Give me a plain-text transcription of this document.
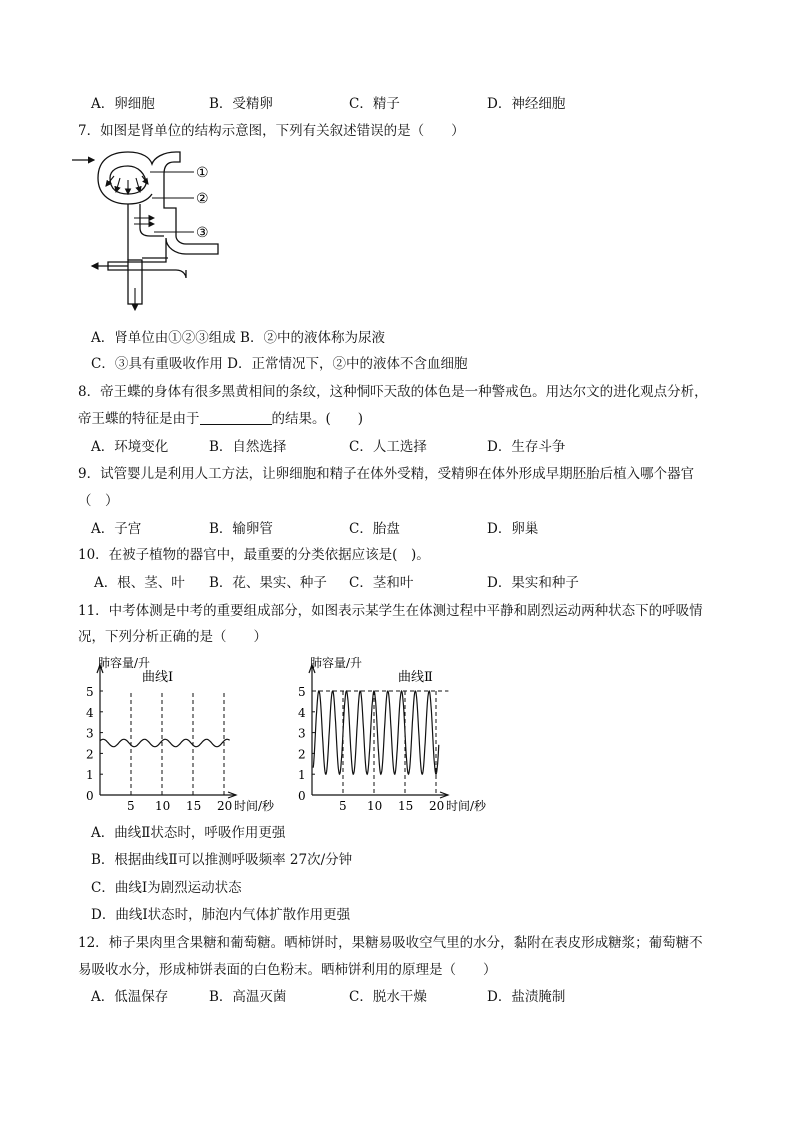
A．卵细胞	B．受精卵	C．精子	D．神经细胞
7．如图是肾单位的结构示意图，下列有关叙述错误的是（　　）
①
②
③
A．肾单位由①②③组成 B．②中的液体称为尿液
C．③具有重吸收作用 D．正常情况下，②中的液体不含血细胞
8．帝王蝶的身体有很多黑黄相间的条纹，这种恫吓天敌的体色是一种警戒色。用达尔文的进化观点分析，
帝王蝶的特征是由于	的结果。(　　)
A．环境变化	B．自然选择	C．人工选择	D．生存斗争
9．试管婴儿是利用人工方法，让卵细胞和精子在体外受精，受精卵在体外形成早期胚胎后植入哪个器官
（　）
A．子宫	B．输卵管	C．胎盘	D．卵巢
10．在被子植物的器官中，最重要的分类依据应该是(　)。
A．根、茎、叶 B．花、果实、种子 C．茎和叶	D．果实和种子
11．中考体测是中考的重要组成部分，如图表示某学生在体测过程中平静和剧烈运动两种状态下的呼吸情
况，下列分析正确的是（　　）
肺容量/升
时间/秒
曲线Ⅰ
0
1
2
3
4
5
5 10 15 20
肺容量/升
时间/秒
曲线Ⅱ
0
1
2
3
4
5
5 10 15 20
A．曲线Ⅱ状态时，呼吸作用更强
B．根据曲线Ⅱ可以推测呼吸频率 27次/分钟
C．曲线Ⅰ为剧烈运动状态
D．曲线Ⅰ状态时，肺泡内气体扩散作用更强
12．柿子果肉里含果糖和葡萄糖。晒柿饼时，果糖易吸收空气里的水分，黏附在表皮形成糖浆；葡萄糖不
易吸收水分，形成柿饼表面的白色粉末。晒柿饼利用的原理是（　　）
A．低温保存	B．高温灭菌	C．脱水干燥	D．盐渍腌制
